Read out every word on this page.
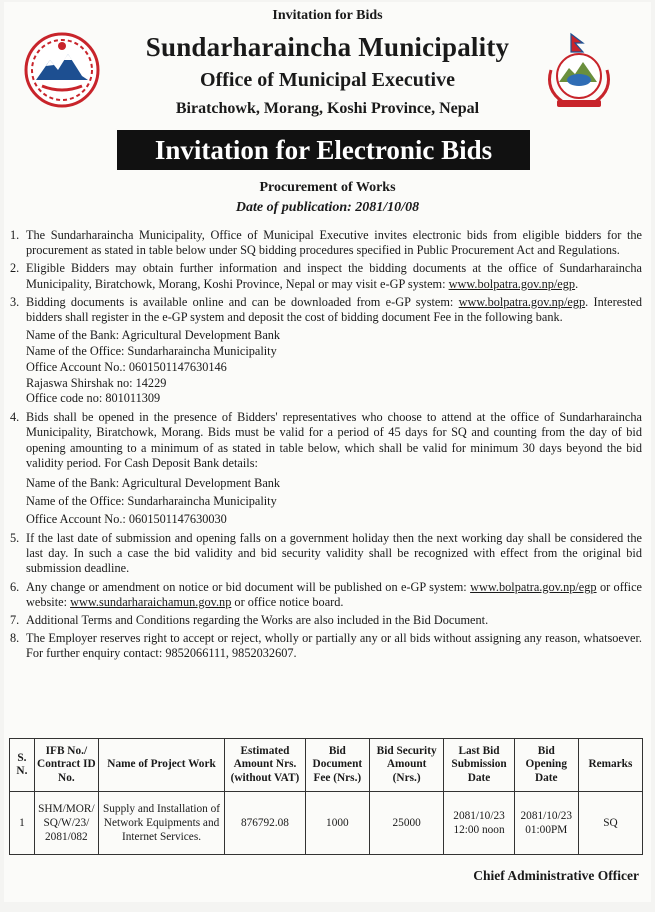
Invitation for Bids
Sundarharaincha Municipality
Office of Municipal Executive
Biratchowk, Morang, Koshi Province, Nepal
Invitation for Electronic Bids
Procurement of Works
Date of publication: 2081/10/08
1. The Sundarharaincha Municipality, Office of Municipal Executive invites electronic bids from eligible bidders for the procurement as stated in table below under SQ bidding procedures specified in Public Procurement Act and Regulations.
2. Eligible Bidders may obtain further information and inspect the bidding documents at the office of Sundarharaincha Municipality, Biratchowk, Morang, Koshi Province, Nepal or may visit e-GP system: www.bolpatra.gov.np/egp.
3. Bidding documents is available online and can be downloaded from e-GP system: www.bolpatra.gov.np/egp. Interested bidders shall register in the e-GP system and deposit the cost of bidding document Fee in the following bank.
Name of the Bank: Agricultural Development Bank
Name of the Office: Sundarharaincha Municipality
Office Account No.: 0601501147630146
Rajaswa Shirshak no: 14229
Office code no: 801011309
4. Bids shall be opened in the presence of Bidders' representatives who choose to attend at the office of Sundarharaincha Municipality, Biratchowk, Morang. Bids must be valid for a period of 45 days for SQ and counting from the day of bid opening amounting to a minimum of as stated in table below, which shall be valid for minimum 30 days beyond the bid validity period. For Cash Deposit Bank details:
Name of the Bank: Agricultural Development Bank
Name of the Office: Sundarharaincha Municipality
Office Account No.: 0601501147630030
5. If the last date of submission and opening falls on a government holiday then the next working day shall be considered the last day. In such a case the bid validity and bid security validity shall be recognized with effect from the original bid submission deadline.
6. Any change or amendment on notice or bid document will be published on e-GP system: www.bolpatra.gov.np/egp or office website: www.sundarharaichamun.gov.np or office notice board.
7. Additional Terms and Conditions regarding the Works are also included in the Bid Document.
8. The Employer reserves right to accept or reject, wholly or partially any or all bids without assigning any reason, whatsoever. For further enquiry contact: 9852066111, 9852032607.
S. N.	IFB No./ Contract ID No.	Name of Project Work	Estimated Amount Nrs. (without VAT)	Bid Document Fee (Nrs.)	Bid Security Amount (Nrs.)	Last Bid Submission Date	Bid Opening Date	Remarks
1	SHM/MOR/ SQ/W/23/ 2081/082	Supply and Installation of Network Equipments and Internet Services.	876792.08	1000	25000	2081/10/23 12:00 noon	2081/10/23 01:00PM	SQ
Chief Administrative Officer
